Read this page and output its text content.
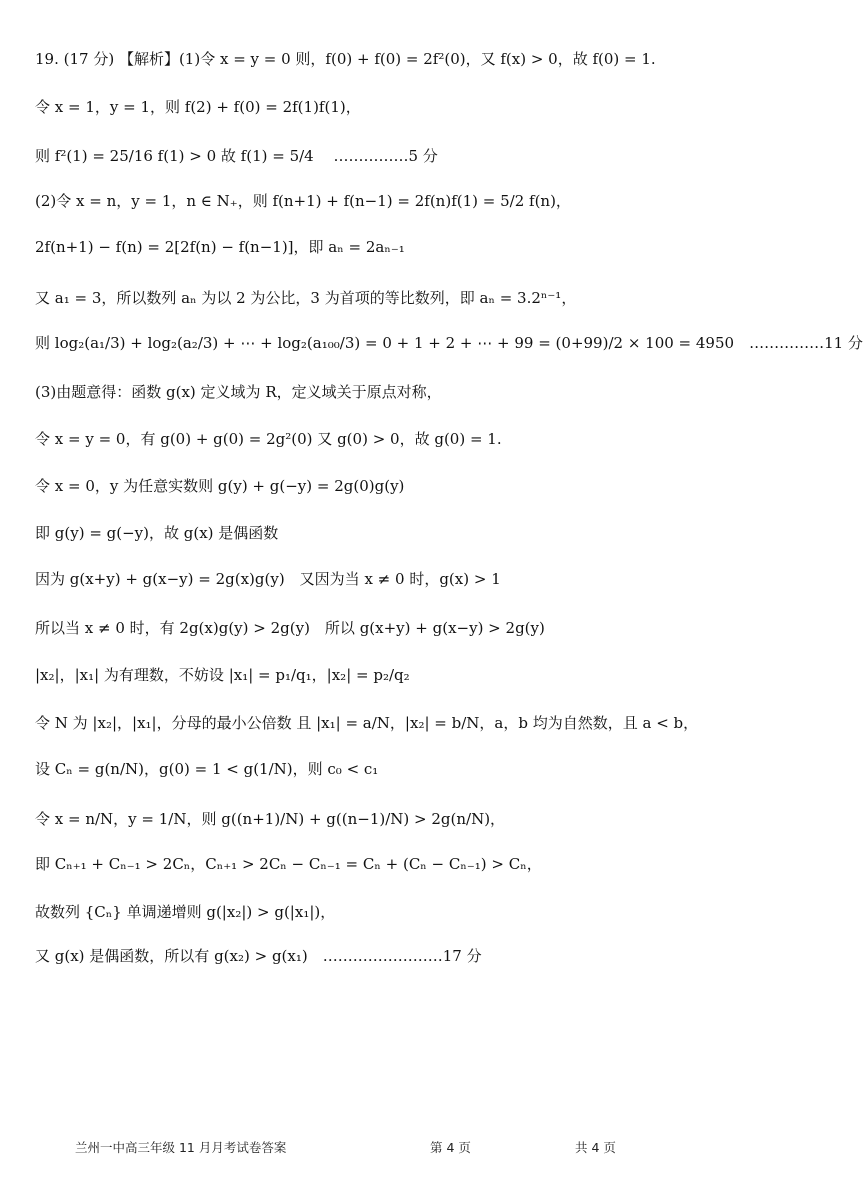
19. (17 分) 【解析】(1)令 x = y = 0 则，f(0) + f(0) = 2f²(0)，又 f(x) > 0，故 f(0) = 1.
令 x = 1，y = 1，则 f(2) + f(0) = 2f(1)f(1)，
则 f²(1) = 25/16 f(1) > 0 故 f(1) = 5/4　 ……………5 分
(2)令 x = n，y = 1，n ∈ N₊，则 f(n+1) + f(n−1) = 2f(n)f(1) = 5/2 f(n)，
2f(n+1) − f(n) = 2[2f(n) − f(n−1)]，即 aₙ = 2aₙ₋₁
又 a₁ = 3，所以数列 aₙ 为以 2 为公比，3 为首项的等比数列，即 aₙ = 3.2ⁿ⁻¹，
则 log₂(a₁/3) + log₂(a₂/3) + ⋯ + log₂(a₁₀₀/3) = 0 + 1 + 2 + ⋯ + 99 = (0+99)/2 × 100 = 4950　……………11 分
(3)由题意得：函数 g(x) 定义域为 R，定义域关于原点对称，
令 x = y = 0，有 g(0) + g(0) = 2g²(0) 又 g(0) > 0，故 g(0) = 1.
令 x = 0，y 为任意实数则 g(y) + g(−y) = 2g(0)g(y)
即 g(y) = g(−y)，故 g(x) 是偶函数
因为 g(x+y) + g(x−y) = 2g(x)g(y)　又因为当 x ≠ 0 时，g(x) > 1
所以当 x ≠ 0 时，有 2g(x)g(y) > 2g(y)　所以 g(x+y) + g(x−y) > 2g(y)
|x₂|，|x₁| 为有理数，不妨设 |x₁| = p₁/q₁，|x₂| = p₂/q₂
令 N 为 |x₂|，|x₁|，分母的最小公倍数 且 |x₁| = a/N，|x₂| = b/N，a，b 均为自然数，且 a < b，
设 Cₙ = g(n/N)，g(0) = 1 < g(1/N)，则 c₀ < c₁
令 x = n/N，y = 1/N，则 g((n+1)/N) + g((n−1)/N) > 2g(n/N)，
即 Cₙ₊₁ + Cₙ₋₁ > 2Cₙ，Cₙ₊₁ > 2Cₙ − Cₙ₋₁ = Cₙ + (Cₙ − Cₙ₋₁) > Cₙ，
故数列 {Cₙ} 单调递增则 g(|x₂|) > g(|x₁|)，
又 g(x) 是偶函数，所以有 g(x₂) > g(x₁)　……………………17 分
兰州一中高三年级 11 月月考试卷答案	第 4 页	共 4 页
